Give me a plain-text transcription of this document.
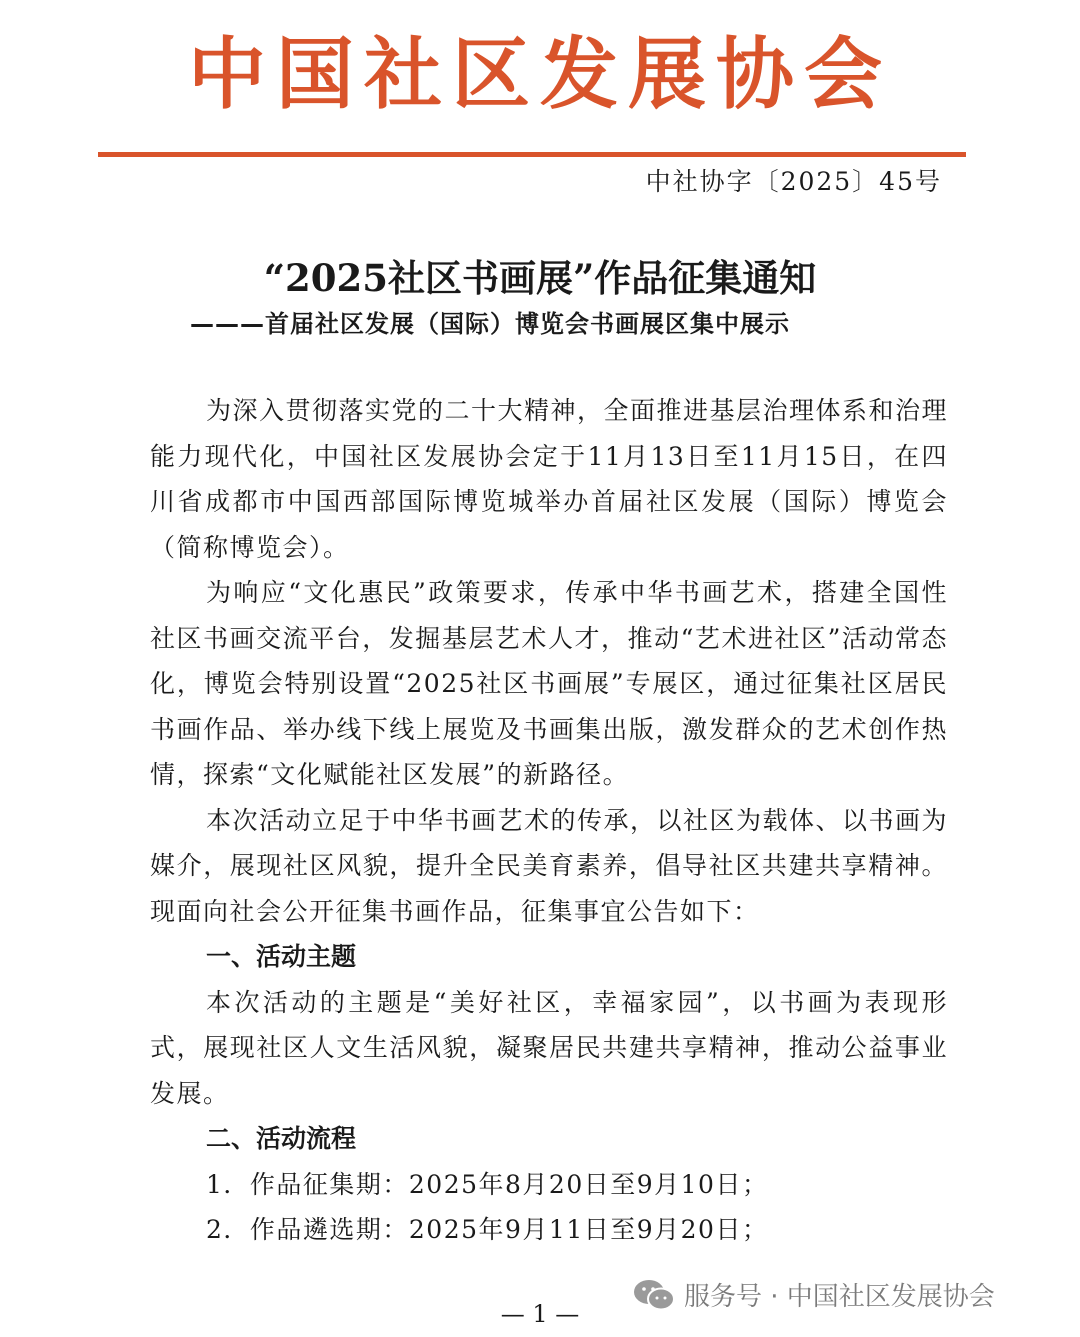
中国社区发展协会
中社协字〔2025〕45号
“2025社区书画展”作品征集通知
———首届社区发展（国际）博览会书画展区集中展示

为深入贯彻落实党的二十大精神，全面推进基层治理体系和治理能力现代化，中国社区发展协会定于11月13日至11月15日，在四川省成都市中国西部国际博览城举办首届社区发展（国际）博览会（简称博览会）。

为响应“文化惠民”政策要求，传承中华书画艺术，搭建全国性社区书画交流平台，发掘基层艺术人才，推动“艺术进社区”活动常态化，博览会特别设置“2025社区书画展”专展区，通过征集社区居民书画作品、举办线下线上展览及书画集出版，激发群众的艺术创作热情，探索“文化赋能社区发展”的新路径。

本次活动立足于中华书画艺术的传承，以社区为载体、以书画为媒介，展现社区风貌，提升全民美育素养，倡导社区共建共享精神。现面向社会公开征集书画作品，征集事宜公告如下：

一、活动主题

本次活动的主题是“美好社区，幸福家园”，以书画为表现形式，展现社区人文生活风貌，凝聚居民共建共享精神，推动公益事业发展。

二、活动流程

1．作品征集期：2025年8月20日至9月10日；

2．作品遴选期：2025年9月11日至9月20日；

服务号 · 中国社区发展协会
— 1 —
